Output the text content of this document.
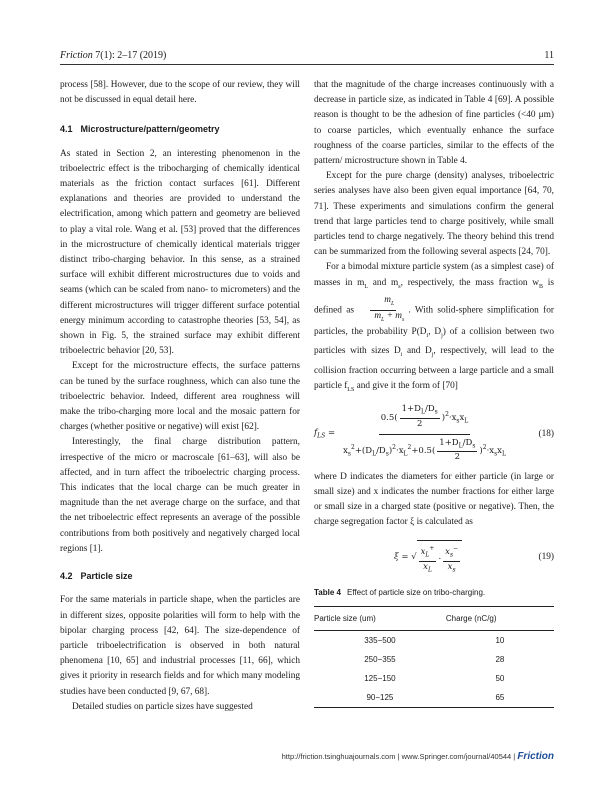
Friction 7(1): 2–17 (2019)	11

process [58]. However, due to the scope of our review, they will not be discussed in equal detail here.

4.1 Microstructure/pattern/geometry

As stated in Section 2, an interesting phenomenon in the triboelectric effect is the tribocharging of chemically identical materials as the friction contact surfaces [61]. Different explanations and theories are provided to understand the electrification, among which pattern and geometry are believed to play a vital role. Wang et al. [53] proved that the differences in the microstructure of chemically identical materials trigger distinct tribo-charging behavior. In this sense, as a strained surface will exhibit different microstructures due to voids and seams (which can be scaled from nano- to micrometers) and the different microstructures will trigger different surface potential energy minimum according to catastrophe theories [53, 54], as shown in Fig. 5, the strained surface may exhibit different triboelectric behavior [20, 53].

Except for the microstructure effects, the surface patterns can be tuned by the surface roughness, which can also tune the triboelectric behavior. Indeed, different area roughness will make the tribo-charging more local and the mosaic pattern for charges (whether positive or negative) will exist [62].

Interestingly, the final charge distribution pattern, irrespective of the micro or macroscale [61–63], will also be affected, and in turn affect the triboelectric charging process. This indicates that the local charge can be much greater in magnitude than the net average charge on the surface, and that the net triboelectric effect represents an average of the possible contributions from both positively and negatively charged local regions [1].

4.2 Particle size

For the same materials in particle shape, when the particles are in different sizes, opposite polarities will form to help with the bipolar charging process [42, 64]. The size-dependence of particle triboelectrification is observed in both natural phenomena [10, 65] and industrial processes [11, 66], which gives it priority in research fields and for which many modeling studies have been conducted [9, 67, 68].

Detailed studies on particle sizes have suggested

that the magnitude of the charge increases continuously with a decrease in particle size, as indicated in Table 4 [69]. A possible reason is thought to be the adhesion of fine particles (<40 μm) to coarse particles, which eventually enhance the surface roughness of the coarse particles, similar to the effects of the pattern/ microstructure shown in Table 4.

Except for the pure charge (density) analyses, triboelectric series analyses have also been given equal importance [64, 70, 71]. These experiments and simulations confirm the general trend that large particles tend to charge positively, while small particles tend to charge negatively. The theory behind this trend can be summarized from the following several aspects [24, 70].

For a bimodal mixture particle system (as a simplest case) of masses in $m_L$ and $m_s$, respectively, the mass fraction $w_B$ is defined as $\frac{m_L}{m_L + m_s}$ . With solid-sphere simplification for particles, the probability $P(D_i$, $D_j$) of a collision between two particles with sizes $D_i$ and $D_j$, respectively, will lead to the collision fraction occurring between a large particle and a small particle $f_{LS}$ and give it the form of [70]

$f_{LS} = \frac{0.5( \frac{1+D_L/D_s}{2} )^2\cdot x_sx_L}{x_s^2+(D_L/D_s)^2\cdot x_L^2+0.5( \frac{1+D_L/D_s}{2} )^2\cdot x_sx_L}$	(18)

where D indicates the diameters for either particle (in large or small size) and x indicates the number fractions for either large or small size in a charged state (positive or negative). Then, the charge segregation factor ξ is calculated as

ξ = √ $\frac{x_L^+}{x_L} \cdot \frac{x_s^-}{x_s}$	(19)
Table 4 Effect of particle size on tribo-charging.
Particle size (um)	Charge (nC/g)
335−500	10
250−355	28
125−150	50
90−125	65
http://friction.tsinghuajournals.com | www.Springer.com/journal/40544 | Friction
